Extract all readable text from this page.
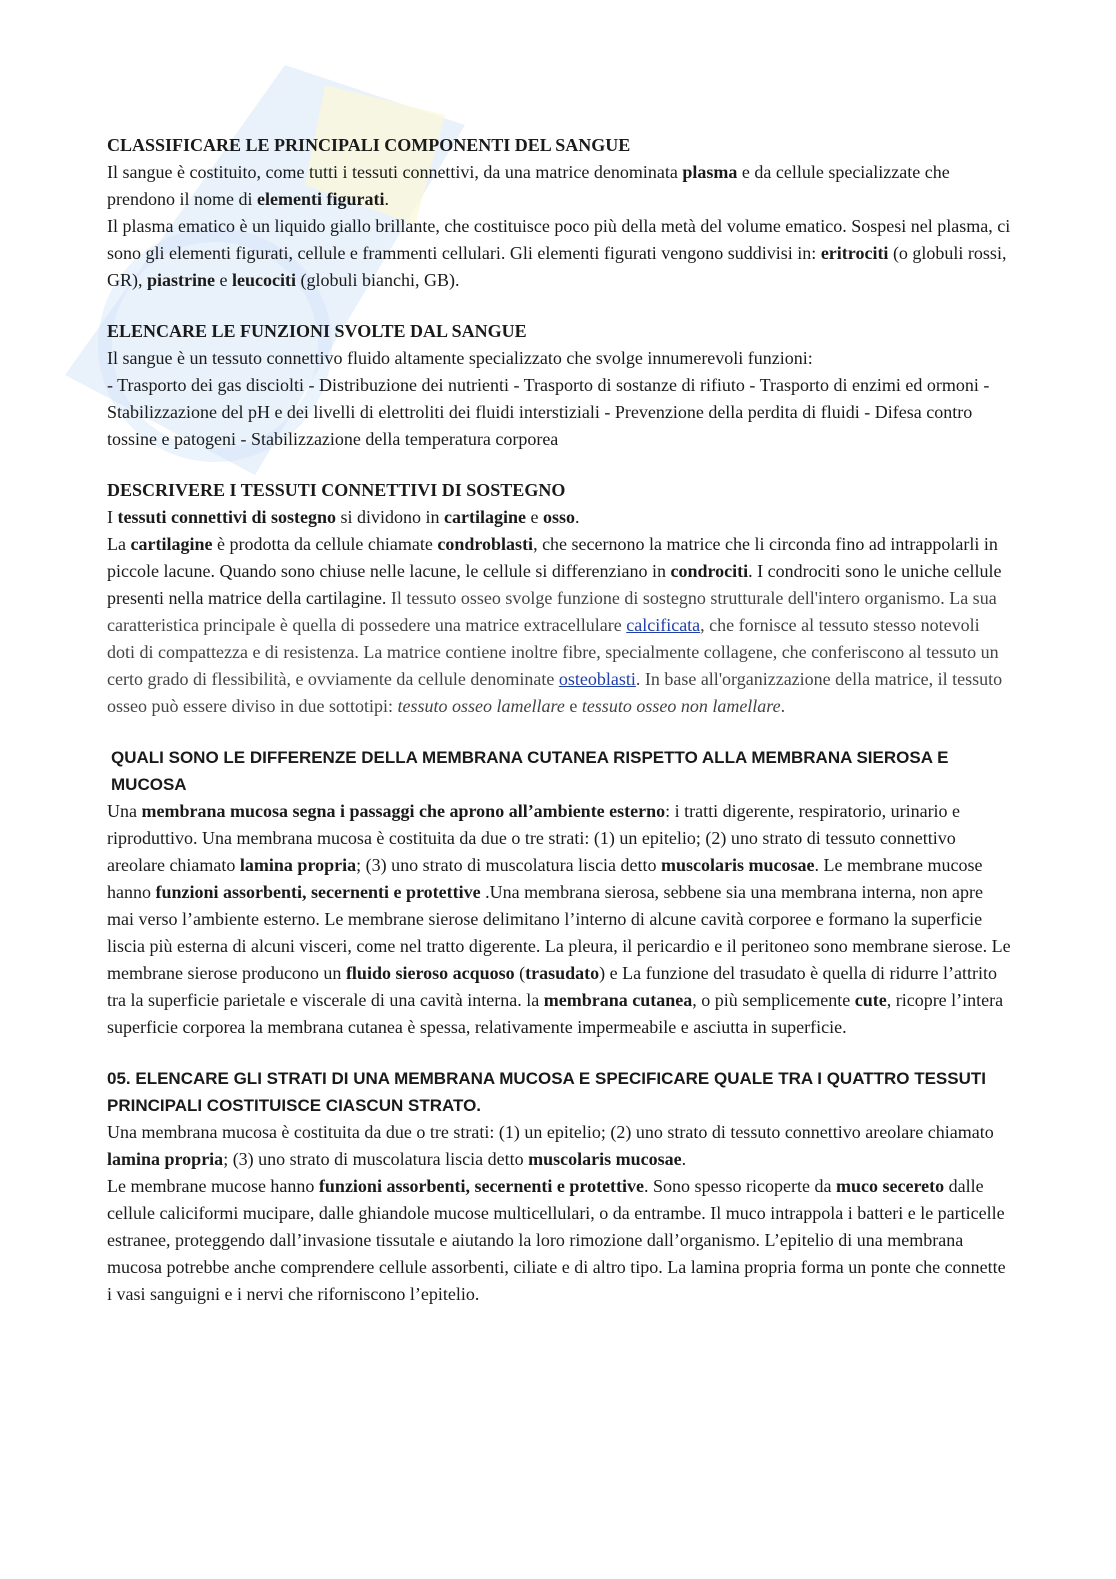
CLASSIFICARE LE PRINCIPALI COMPONENTI DEL SANGUE

Il sangue è costituito, come tutti i tessuti connettivi, da una matrice denominata plasma e da cellule specializzate che prendono il nome di elementi figurati.

Il plasma ematico è un liquido giallo brillante, che costituisce poco più della metà del volume ematico. Sospesi nel plasma, ci sono gli elementi figurati, cellule e frammenti cellulari. Gli elementi figurati vengono suddivisi in: eritrociti (o globuli rossi, GR), piastrine e leucociti (globuli bianchi, GB).

ELENCARE LE FUNZIONI SVOLTE DAL SANGUE

Il sangue è un tessuto connettivo fluido altamente specializzato che svolge innumerevoli funzioni:

- Trasporto dei gas disciolti - Distribuzione dei nutrienti - Trasporto di sostanze di rifiuto - Trasporto di enzimi ed ormoni - Stabilizzazione del pH e dei livelli di elettroliti dei fluidi interstiziali - Prevenzione della perdita di fluidi - Difesa contro tossine e patogeni - Stabilizzazione della temperatura corporea

DESCRIVERE I TESSUTI CONNETTIVI DI SOSTEGNO

I tessuti connettivi di sostegno si dividono in cartilagine e osso.

La cartilagine è prodotta da cellule chiamate condroblasti, che secernono la matrice che li circonda fino ad intrappolarli in piccole lacune. Quando sono chiuse nelle lacune, le cellule si differenziano in condrociti. I condrociti sono le uniche cellule presenti nella matrice della cartilagine. Il tessuto osseo svolge funzione di sostegno strutturale dell'intero organismo. La sua caratteristica principale è quella di possedere una matrice extracellulare calcificata, che fornisce al tessuto stesso notevoli doti di compattezza e di resistenza. La matrice contiene inoltre fibre, specialmente collagene, che conferiscono al tessuto un certo grado di flessibilità, e ovviamente da cellule denominate osteoblasti. In base all'organizzazione della matrice, il tessuto osseo può essere diviso in due sottotipi: tessuto osseo lamellare e tessuto osseo non lamellare.

QUALI SONO LE DIFFERENZE DELLA MEMBRANA CUTANEA RISPETTO ALLA MEMBRANA SIEROSA E MUCOSA

Una membrana mucosa segna i passaggi che aprono all’ambiente esterno: i tratti digerente, respiratorio, urinario e riproduttivo. Una membrana mucosa è costituita da due o tre strati: (1) un epitelio; (2) uno strato di tessuto connettivo areolare chiamato lamina propria; (3) uno strato di muscolatura liscia detto muscolaris mucosae. Le membrane mucose hanno funzioni assorbenti, secernenti e protettive .Una membrana sierosa, sebbene sia una membrana interna, non apre mai verso l’ambiente esterno. Le membrane sierose delimitano l’interno di alcune cavità corporee e formano la superficie liscia più esterna di alcuni visceri, come nel tratto digerente. La pleura, il pericardio e il peritoneo sono membrane sierose. Le membrane sierose producono un fluido sieroso acquoso (trasudato) e La funzione del trasudato è quella di ridurre l’attrito tra la superficie parietale e viscerale di una cavità interna. la membrana cutanea, o più semplicemente cute, ricopre l’intera superficie corporea la membrana cutanea è spessa, relativamente impermeabile e asciutta in superficie.

05. ELENCARE GLI STRATI DI UNA MEMBRANA MUCOSA E SPECIFICARE QUALE TRA I QUATTRO TESSUTI PRINCIPALI COSTITUISCE CIASCUN STRATO.

Una membrana mucosa è costituita da due o tre strati: (1) un epitelio; (2) uno strato di tessuto connettivo areolare chiamato lamina propria; (3) uno strato di muscolatura liscia detto muscolaris mucosae.

Le membrane mucose hanno funzioni assorbenti, secernenti e protettive. Sono spesso ricoperte da muco secereto dalle cellule caliciformi mucipare, dalle ghiandole mucose multicellulari, o da entrambe. Il muco intrappola i batteri e le particelle estranee, proteggendo dall’invasione tissutale e aiutando la loro rimozione dall’organismo. L’epitelio di una membrana mucosa potrebbe anche comprendere cellule assorbenti, ciliate e di altro tipo. La lamina propria forma un ponte che connette i vasi sanguigni e i nervi che riforniscono l’epitelio.
